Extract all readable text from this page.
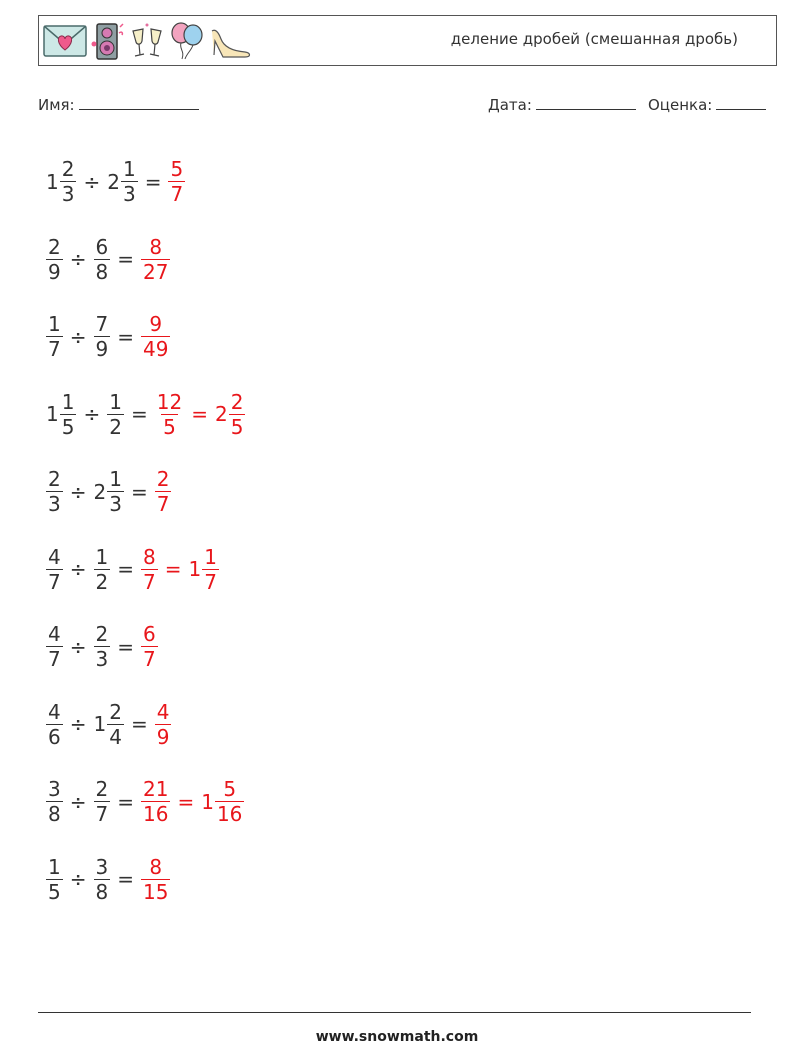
деление дробей (смешанная дробь)
Имя:	Дата:	Оценка:
$1 \frac{2}{3} \div 2 \frac{1}{3} = \frac{5}{7}$
$\frac{2}{9} \div \frac{6}{8} = \frac{8}{27}$
$\frac{1}{7} \div \frac{7}{9} = \frac{9}{49}$
$1 \frac{1}{5} \div \frac{1}{2} = \frac{12}{5} = 2 \frac{2}{5}$
$\frac{2}{3} \div 2 \frac{1}{3} = \frac{2}{7}$
$\frac{4}{7} \div \frac{1}{2} = \frac{8}{7} = 1 \frac{1}{7}$
$\frac{4}{7} \div \frac{2}{3} = \frac{6}{7}$
$\frac{4}{6} \div 1 \frac{2}{4} = \frac{4}{9}$
$\frac{3}{8} \div \frac{2}{7} = \frac{21}{16} = 1 \frac{5}{16}$
$\frac{1}{5} \div \frac{3}{8} = \frac{8}{15}$
www.snowmath.com
